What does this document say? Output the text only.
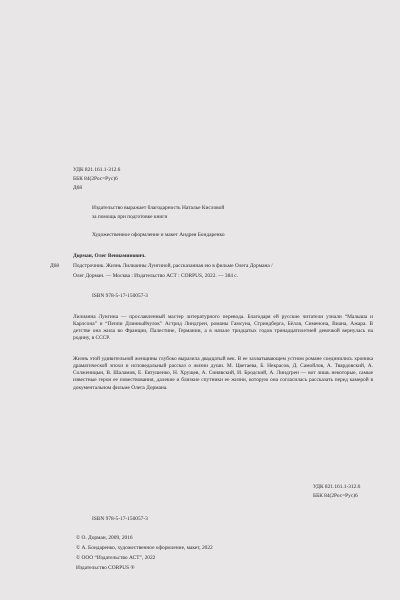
УДК 821.161.1-312.6
ББК 84(2Рос=Рус)6
Д68
Издательство выражает благодарность Наталье Кисловой
за помощь при подготовке книги
Художественное оформление и макет Андрея Бондаренко
Д68
Дорман, Олег Вениаминович.
Подстрочник. Жизнь Лилианны Лунгиной, рассказанная ею в фильме Олега Дормана /
Олег Дорман. — Москва : Издательство АСТ : CORPUS, 2022. — 384 с.
ISBN 978-5-17-150057-3
Лилианна Лунгина — прославленный мастер литературного перевода. Благодаря ей русские читатели узнали “Малыша и Карлсона” и “Пеппи Длинныйчулок” Астрид Линдгрен, романы Гамсуна, Стриндберга, Бёлля, Сименона, Виана, Ажара. В детстве она жила во Франции, Палестине, Германии, а в начале тридцатых годов тринадцатилетней девочкой вернулась на родину, в СССР.
Жизнь этой удивительной женщины глубоко выразила двадцатый век. В ее захватывающем устном романе соединились хроника драматической эпохи и исповедальный рассказ о жизни души. М. Цветаева, Б. Некрасов, Д. Самойлов, А. Твардовский, А. Солженицын, В. Шаламов, Е. Евтушенко, Н. Хрущев, А. Синявский, И. Бродский, А. Линдгрен — вот лишь некоторые, самые известные герои ее повествования, далекие и близкие спутники ее жизни, которую она согласилась рассказать перед камерой в документальном фильме Олега Дормана.
УДК 821.161.1-312.6
ББК 84(2Рос=Рус)6
ISBN 978-5-17-150057-3
© О. Дорман, 2009, 2016
© А. Бондаренко, художественное оформление, макет, 2022
© ООО “Издательство АСТ”, 2022
Издательство CORPUS ®
